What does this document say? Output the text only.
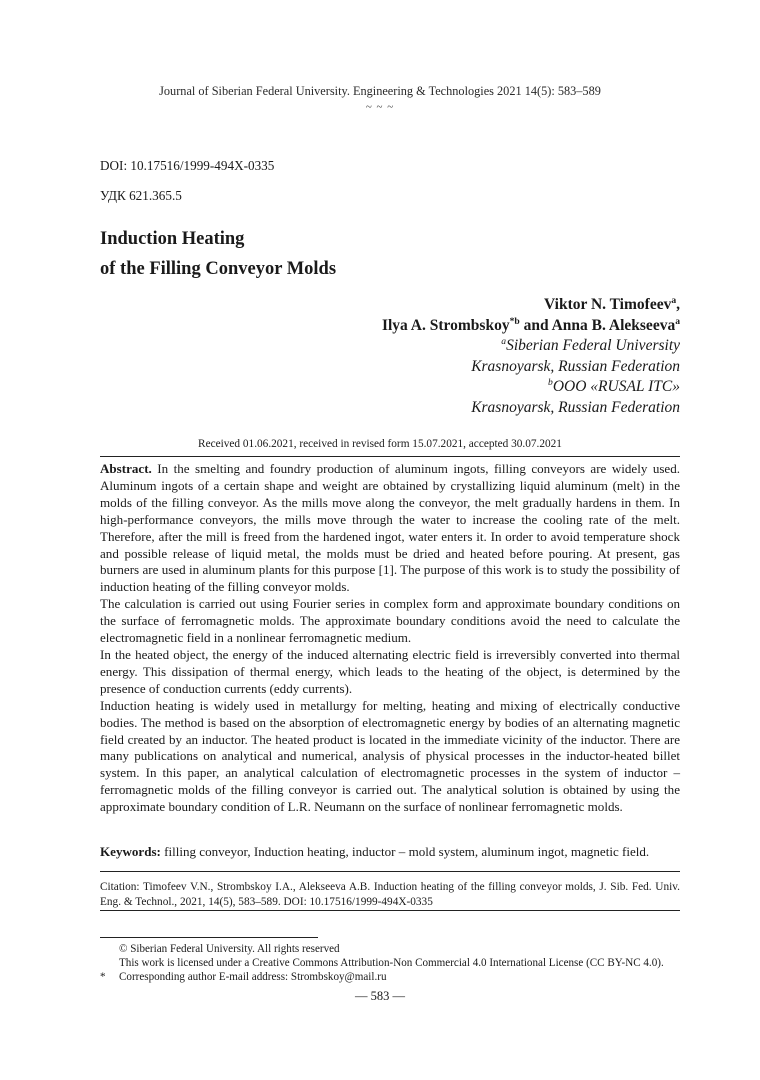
Journal of Siberian Federal University. Engineering & Technologies 2021 14(5): 583–589
~ ~ ~
DOI: 10.17516/1999-494X-0335
УДК 621.365.5
Induction Heating
of the Filling Conveyor Molds
Viktor N. Timofeev$^a$,
Ilya A. Strombskoy$^{*b}$ and Anna B. Alekseeva$^a$
$^a$Siberian Federal University
Krasnoyarsk, Russian Federation
$^b$OOO «RUSAL ITC»
Krasnoyarsk, Russian Federation
Received 01.06.2021, received in revised form 15.07.2021, accepted 30.07.2021

Abstract. In the smelting and foundry production of aluminum ingots, filling conveyors are widely used. Aluminum ingots of a certain shape and weight are obtained by crystallizing liquid aluminum (melt) in the molds of the filling conveyor. As the mills move along the conveyor, the melt gradually hardens in them. In high-performance conveyors, the mills move through the water to increase the cooling rate of the melt. Therefore, after the mill is freed from the hardened ingot, water enters it. In order to avoid temperature shock and possible release of liquid metal, the molds must be dried and heated before pouring. At present, gas burners are used in aluminum plants for this purpose [1]. The purpose of this work is to study the possibility of induction heating of the filling conveyor molds.

The calculation is carried out using Fourier series in complex form and approximate boundary conditions on the surface of ferromagnetic molds. The approximate boundary conditions avoid the need to calculate the electromagnetic field in a nonlinear ferromagnetic medium.

In the heated object, the energy of the induced alternating electric field is irreversibly converted into thermal energy. This dissipation of thermal energy, which leads to the heating of the object, is determined by the presence of conduction currents (eddy currents).

Induction heating is widely used in metallurgy for melting, heating and mixing of electrically conductive bodies. The method is based on the absorption of electromagnetic energy by bodies of an alternating magnetic field created by an inductor. The heated product is located in the immediate vicinity of the inductor. There are many publications on analytical and numerical, analysis of physical processes in the inductor-heated billet system. In this paper, an analytical calculation of electromagnetic processes in the system of inductor – ferromagnetic molds of the filling conveyor is carried out. The analytical solution is obtained by using the approximate boundary condition of L.R. Neumann on the surface of nonlinear ferromagnetic molds.

Keywords: filling conveyor, Induction heating, inductor – mold system, aluminum ingot, magnetic field.
Citation: Timofeev V.N., Strombskoy I.A., Alekseeva A.B. Induction heating of the filling conveyor molds, J. Sib. Fed. Univ. Eng. & Technol., 2021, 14(5), 583–589. DOI: 10.17516/1999-494X-0335
© Siberian Federal University. All rights reserved
This work is licensed under a Creative Commons Attribution-Non Commercial 4.0 International License (CC BY-NC 4.0).
*	Corresponding author E-mail address: Strombskoy@mail.ru
— 583 —
